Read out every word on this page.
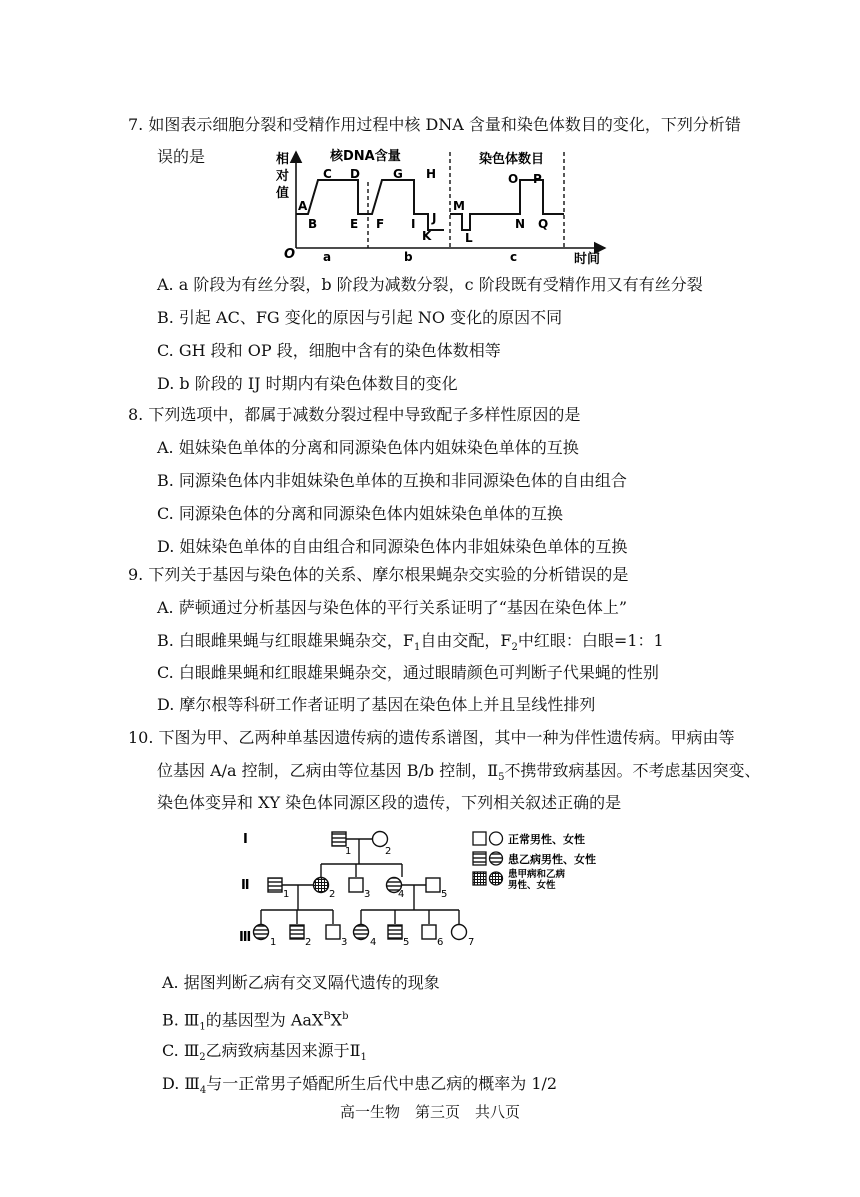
7. 如图表示细胞分裂和受精作用过程中核 DNA 含量和染色体数目的变化，下列分析错
误的是	相
对
值
O	时间
核DNA含量	染色体数目
A
B
C D
E F
G H
I J
K	L
M
N
O P
Q
a	b	c
A. a 阶段为有丝分裂，b 阶段为减数分裂，c 阶段既有受精作用又有有丝分裂
B. 引起 AC、FG 变化的原因与引起 NO 变化的原因不同
C. GH 段和 OP 段，细胞中含有的染色体数相等
D. b 阶段的 IJ 时期内有染色体数目的变化
8. 下列选项中，都属于减数分裂过程中导致配子多样性原因的是
A. 姐妹染色单体的分离和同源染色体内姐妹染色单体的互换
B. 同源染色体内非姐妹染色单体的互换和非同源染色体的自由组合
C. 同源染色体的分离和同源染色体内姐妹染色单体的互换
D. 姐妹染色单体的自由组合和同源染色体内非姐妹染色单体的互换
9. 下列关于基因与染色体的关系、摩尔根果蝇杂交实验的分析错误的是
A. 萨顿通过分析基因与染色体的平行关系证明了“基因在染色体上”
B. 白眼雌果蝇与红眼雄果蝇杂交，$F_1$自由交配，$F_2$中红眼：白眼=1：1
C. 白眼雌果蝇和红眼雄果蝇杂交，通过眼睛颜色可判断子代果蝇的性别
D. 摩尔根等科研工作者证明了基因在染色体上并且呈线性排列
10. 下图为甲、乙两种单基因遗传病的遗传系谱图，其中一种为伴性遗传病。甲病由等
位基因 A/a 控制，乙病由等位基因 B/b 控制，$Ⅱ_5$不携带致病基因。不考虑基因突变、
染色体变异和 XY 染色体同源区段的遗传，下列相关叙述正确的是
Ⅰ
Ⅱ
Ⅲ
1	2
1	2	3	4	5
1	2	3 4	5	6 7
正常男性、女性
患乙病男性、女性
患甲病和乙病
男性、女性
A. 据图判断乙病有交叉隔代遗传的现象
B. $Ⅲ_1$的基因型为 $AaX^BX^b$
C. $Ⅲ_2$乙病致病基因来源于$Ⅱ_1$
D. $Ⅲ_4$与一正常男子婚配所生后代中患乙病的概率为 1/2
高一生物　第三页　共八页
